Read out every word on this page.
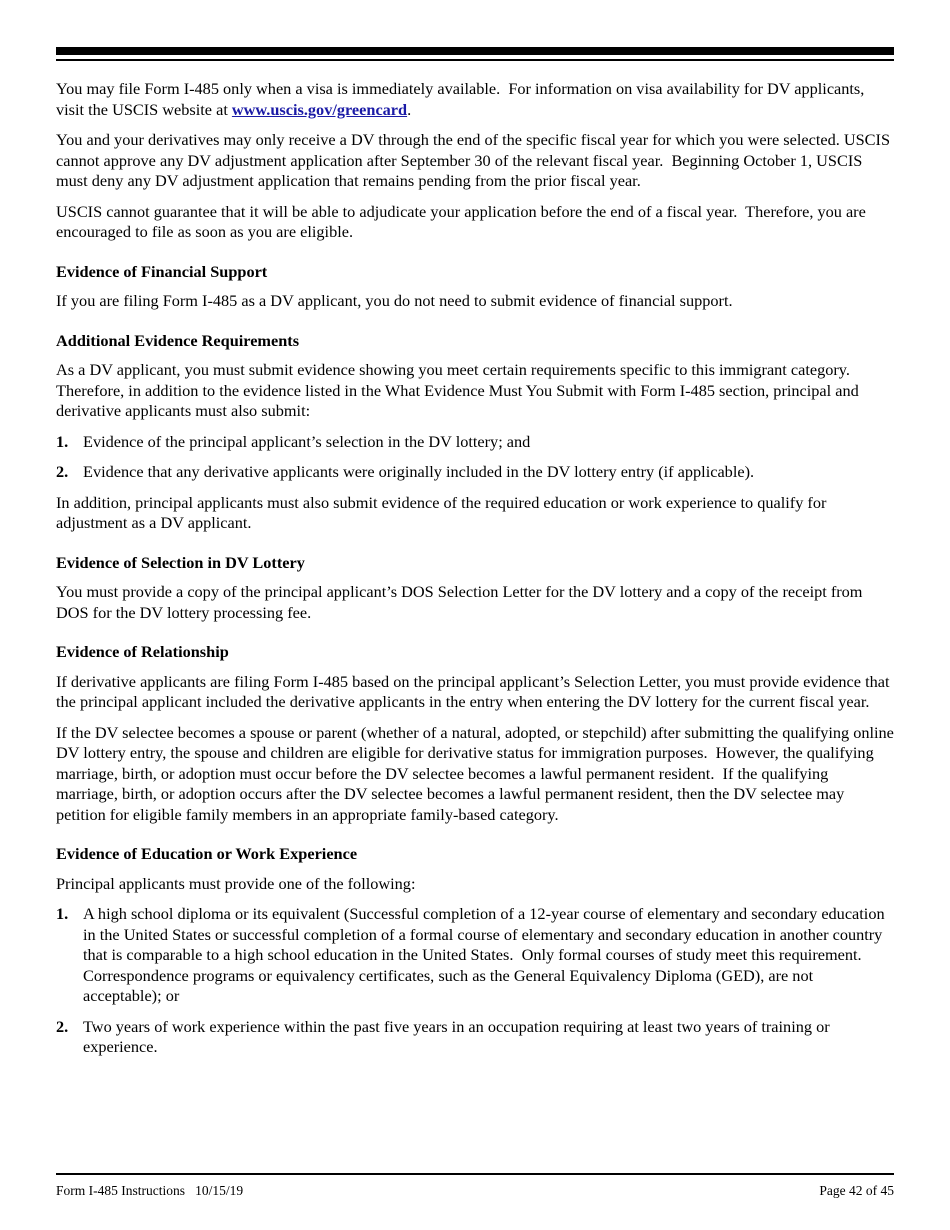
You may file Form I-485 only when a visa is immediately available.  For information on visa availability for DV applicants, visit the USCIS website at www.uscis.gov/greencard.

You and your derivatives may only receive a DV through the end of the specific fiscal year for which you were selected. USCIS cannot approve any DV adjustment application after September 30 of the relevant fiscal year.  Beginning October 1, USCIS must deny any DV adjustment application that remains pending from the prior fiscal year.

USCIS cannot guarantee that it will be able to adjudicate your application before the end of a fiscal year.  Therefore, you are encouraged to file as soon as you are eligible.

Evidence of Financial Support

If you are filing Form I-485 as a DV applicant, you do not need to submit evidence of financial support.

Additional Evidence Requirements

As a DV applicant, you must submit evidence showing you meet certain requirements specific to this immigrant category. Therefore, in addition to the evidence listed in the What Evidence Must You Submit with Form I-485 section, principal and derivative applicants must also submit:

1. Evidence of the principal applicant’s selection in the DV lottery; and
2. Evidence that any derivative applicants were originally included in the DV lottery entry (if applicable).

In addition, principal applicants must also submit evidence of the required education or work experience to qualify for adjustment as a DV applicant.

Evidence of Selection in DV Lottery

You must provide a copy of the principal applicant’s DOS Selection Letter for the DV lottery and a copy of the receipt from DOS for the DV lottery processing fee.

Evidence of Relationship

If derivative applicants are filing Form I-485 based on the principal applicant’s Selection Letter, you must provide evidence that the principal applicant included the derivative applicants in the entry when entering the DV lottery for the current fiscal year.

If the DV selectee becomes a spouse or parent (whether of a natural, adopted, or stepchild) after submitting the qualifying online DV lottery entry, the spouse and children are eligible for derivative status for immigration purposes.  However, the qualifying marriage, birth, or adoption must occur before the DV selectee becomes a lawful permanent resident.  If the qualifying marriage, birth, or adoption occurs after the DV selectee becomes a lawful permanent resident, then the DV selectee may petition for eligible family members in an appropriate family-based category.

Evidence of Education or Work Experience

Principal applicants must provide one of the following:

1. A high school diploma or its equivalent (Successful completion of a 12-year course of elementary and secondary education in the United States or successful completion of a formal course of elementary and secondary education in another country that is comparable to a high school education in the United States.  Only formal courses of study meet this requirement.  Correspondence programs or equivalency certificates, such as the General Equivalency Diploma (GED), are not acceptable); or
2. Two years of work experience within the past five years in an occupation requiring at least two years of training or experience.
Form I-485 Instructions   10/15/19	Page 42 of 45
